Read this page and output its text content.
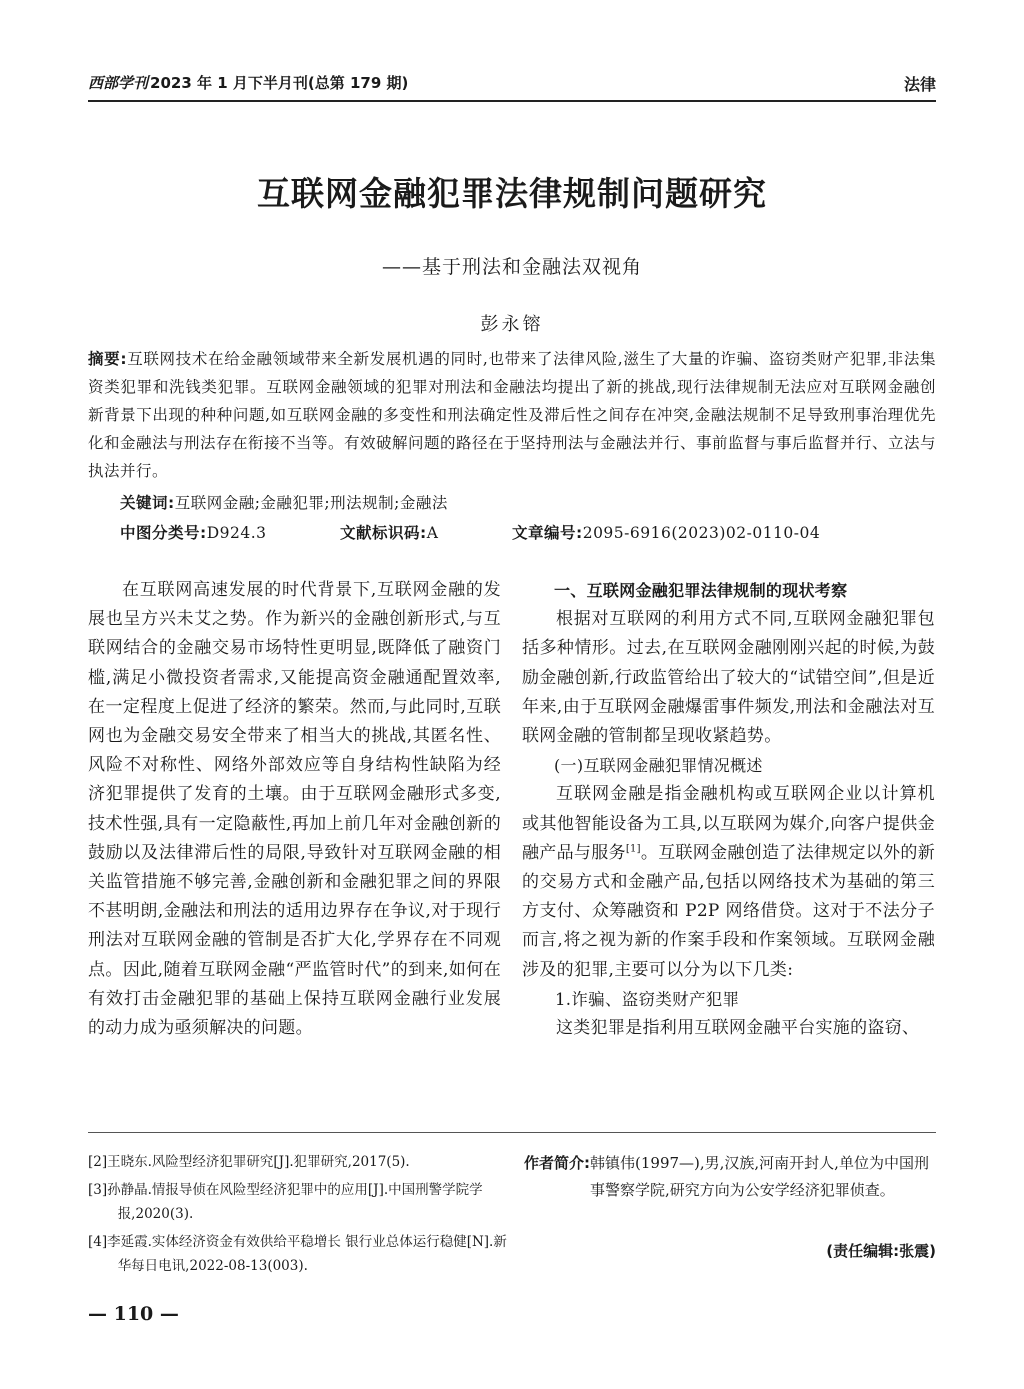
西部学刊 2023 年 1 月下半月刊(总第 179 期)	法律
互联网金融犯罪法律规制问题研究
——基于刑法和金融法双视角
彭永镕
摘要:互联网技术在给金融领域带来全新发展机遇的同时,也带来了法律风险,滋生了大量的诈骗、盗窃类财产犯罪,非法集资类犯罪和洗钱类犯罪。互联网金融领域的犯罪对刑法和金融法均提出了新的挑战,现行法律规制无法应对互联网金融创新背景下出现的种种问题,如互联网金融的多变性和刑法确定性及滞后性之间存在冲突,金融法规制不足导致刑事治理优先化和金融法与刑法存在衔接不当等。有效破解问题的路径在于坚持刑法与金融法并行、事前监督与事后监督并行、立法与执法并行。
关键词:互联网金融;金融犯罪;刑法规制;金融法
中图分类号:D924.3	文献标识码:A	文章编号:2095-6916(2023)02-0110-04

在互联网高速发展的时代背景下,互联网金融的发展也呈方兴未艾之势。作为新兴的金融创新形式,与互联网结合的金融交易市场特性更明显,既降低了融资门槛,满足小微投资者需求,又能提高资金融通配置效率,在一定程度上促进了经济的繁荣。然而,与此同时,互联网也为金融交易安全带来了相当大的挑战,其匿名性、风险不对称性、网络外部效应等自身结构性缺陷为经济犯罪提供了发育的土壤。由于互联网金融形式多变,技术性强,具有一定隐蔽性,再加上前几年对金融创新的鼓励以及法律滞后性的局限,导致针对互联网金融的相关监管措施不够完善,金融创新和金融犯罪之间的界限不甚明朗,金融法和刑法的适用边界存在争议,对于现行刑法对互联网金融的管制是否扩大化,学界存在不同观点。因此,随着互联网金融“严监管时代”的到来,如何在有效打击金融犯罪的基础上保持互联网金融行业发展的动力成为亟须解决的问题。

一、互联网金融犯罪法律规制的现状考察

根据对互联网的利用方式不同,互联网金融犯罪包括多种情形。过去,在互联网金融刚刚兴起的时候,为鼓励金融创新,行政监管给出了较大的“试错空间”,但是近年来,由于互联网金融爆雷事件频发,刑法和金融法对互联网金融的管制都呈现收紧趋势。

(一)互联网金融犯罪情况概述

互联网金融是指金融机构或互联网企业以计算机或其他智能设备为工具,以互联网为媒介,向客户提供金融产品与服务[1]。互联网金融创造了法律规定以外的新的交易方式和金融产品,包括以网络技术为基础的第三方支付、众筹融资和 P2P 网络借贷。这对于不法分子而言,将之视为新的作案手段和作案领域。互联网金融涉及的犯罪,主要可以分为以下几类:

1.诈骗、盗窃类财产犯罪

这类犯罪是指利用互联网金融平台实施的盗窃、

[2]王晓东.风险型经济犯罪研究[J].犯罪研究,2017(5).

[3]孙静晶.情报导侦在风险型经济犯罪中的应用[J].中国刑警学院学报,2020(3).

[4]李延霞.实体经济资金有效供给平稳增长 银行业总体运行稳健[N].新华每日电讯,2022-08-13(003).

作者简介: 韩镇伟(1997—),男,汉族,河南开封人,单位为中国刑事警察学院,研究方向为公安学经济犯罪侦查。
(责任编辑:张震)
— 110 —
